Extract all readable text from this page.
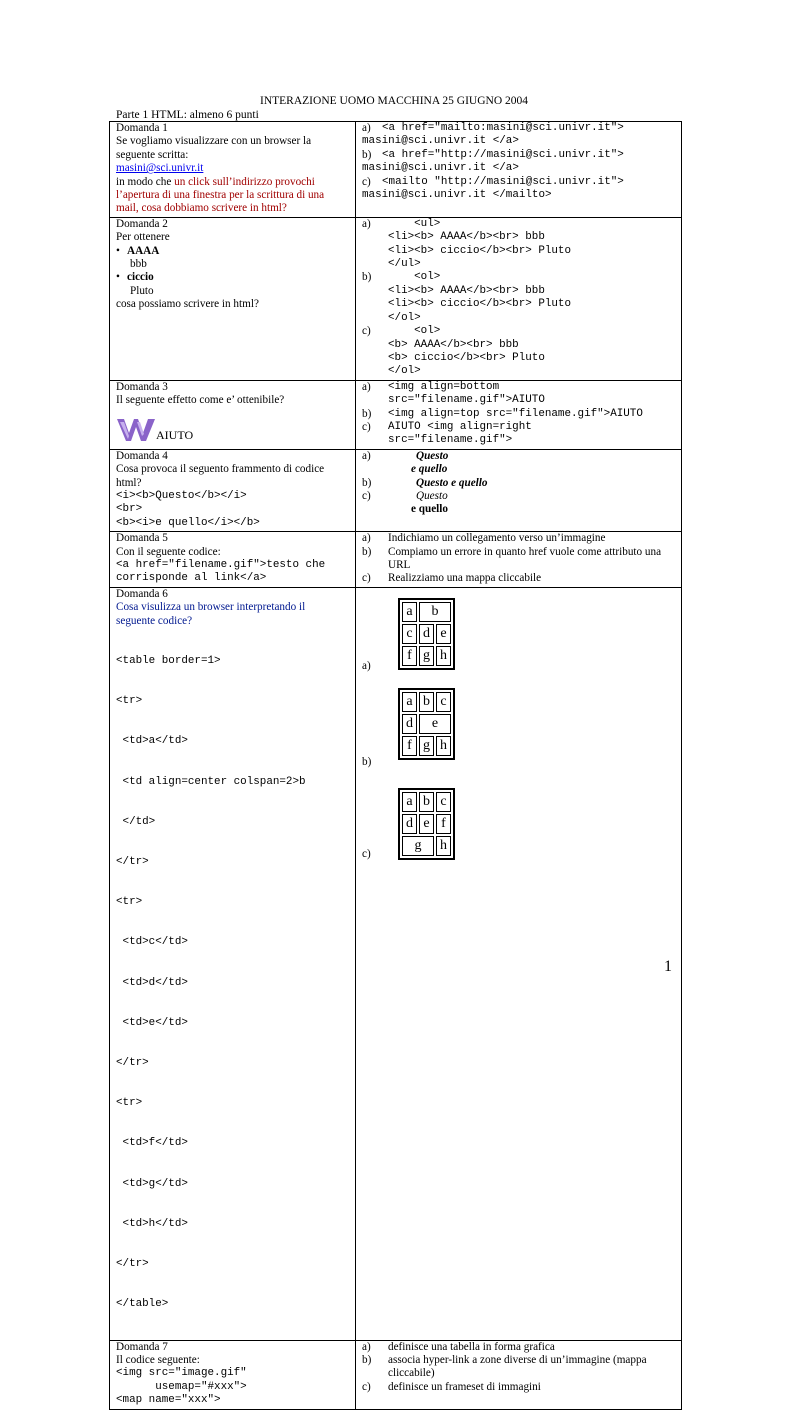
INTERAZIONE UOMO MACCHINA 25 GIUGNO 2004
Parte 1 HTML: almeno 6 punti
Domanda 1
Se vogliamo visualizzare con un browser la
seguente scritta:
masini@sci.univr.it
in modo che un click sull’indirizzo provochi
l’apertura di una finestra per la scrittura di una
mail, cosa dobbiamo scrivere in html?

a)	<a href="mailto:masini@sci.univr.it">
masini@sci.univr.it </a>
b) <a href="http://masini@sci.univr.it">
masini@sci.univr.it </a>
c)	<mailto "http://masini@sci.univr.it">
masini@sci.univr.it </mailto>

Domanda 2
Per ottenere
• AAAA
bbb
• ciccio
Pluto
cosa possiamo scrivere in html?

a)	<ul>
<li><b> AAAA</b><br> bbb
<li><b> ciccio</b><br> Pluto
</ul>
b)	<ol>
<li><b> AAAA</b><br> bbb
<li><b> ciccio</b><br> Pluto
</ol>
c)	<ol>
<b> AAAA</b><br> bbb
<b> ciccio</b><br> Pluto
</ol>

Domanda 3
Il seguente effetto come e’ ottenibile?
AIUTO

a)	<img align=bottom
src="filename.gif">AIUTO
b)	<img align=top src="filename.gif">AIUTO
c)	AIUTO <img align=right
src="filename.gif">

Domanda 4
Cosa provoca il seguento frammento di codice
html?
<i><b>Questo</b></i>
<br>
<b><i>e quello</i></b>

a)	Questo
e quello
b)	Questo e quello
c)	Questo
e quello

Domanda 5
Con il seguente codice:
<a href="filename.gif">testo che
corrisponde al link</a>

a)	Indichiamo un collegamento verso un’immagine
b)	Compiamo un errore in quanto href vuole come attributo una URL
c)	Realizziamo una mappa cliccabile

Domanda 6
Cosa visulizza un browser interpretando il
seguente codice?

<table border=1>

<tr>

<td>a</td>

<td align=center colspan=2>b

</td>

</tr>

<tr>

<td>c</td>

<td>d</td>

<td>e</td>

</tr>

<tr>

<td>f</td>

<td>g</td>

<td>h</td>

</tr>

</table>

a)
a	b
c	d	e
f	g	h
b)
a	b	c
d	e
f	g	h
c)
a	b	c
d	e	f
g	h

Domanda 7
Il codice seguente:
<img src="image.gif"
usemap="#xxx">
<map name="xxx">

a)	definisce una tabella in forma grafica
b)	associa hyper-link a zone diverse di un’immagine (mappa cliccabile)
c)	definisce un frameset di immagini
1
